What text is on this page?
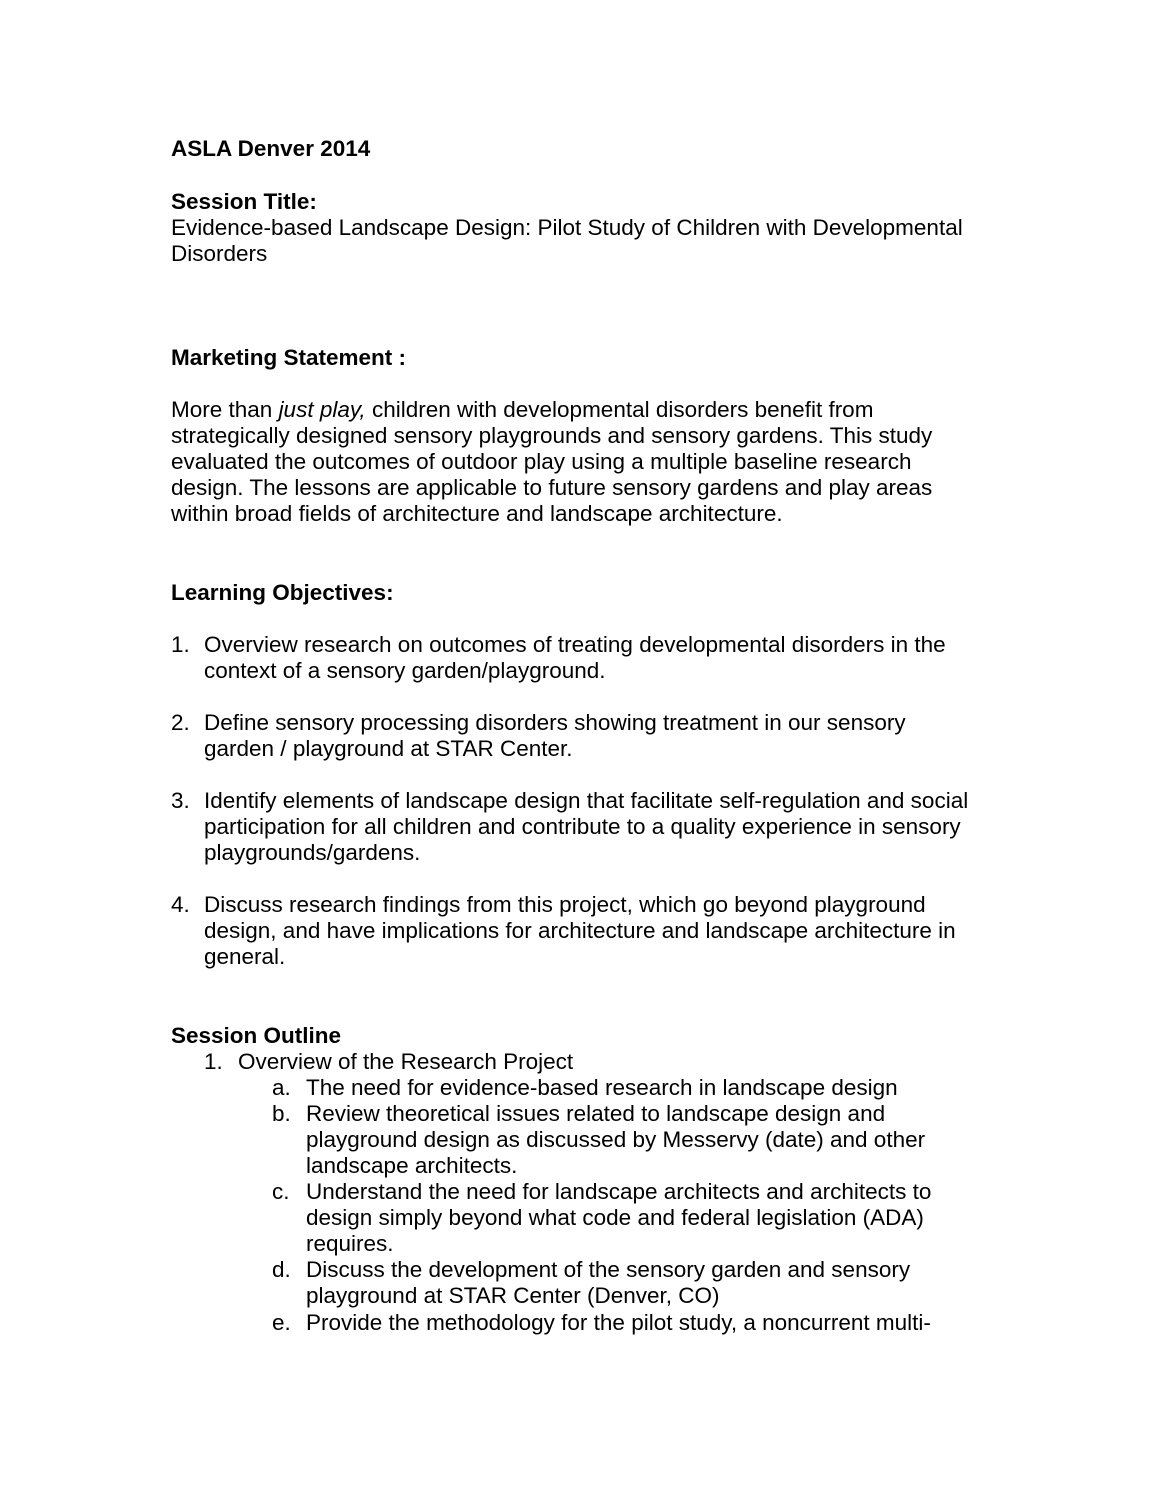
ASLA Denver 2014
Session Title:
Evidence-based Landscape Design: Pilot Study of Children with Developmental
Disorders
Marketing Statement :
More than just play, children with developmental disorders benefit from
strategically designed sensory playgrounds and sensory gardens. This study
evaluated the outcomes of outdoor play using a multiple baseline research
design. The lessons are applicable to future sensory gardens and play areas
within broad fields of architecture and landscape architecture.
Learning Objectives:
1. Overview research on outcomes of treating developmental disorders in the
context of a sensory garden/playground.
2. Define sensory processing disorders showing treatment in our sensory
garden / playground at STAR Center.
3. Identify elements of landscape design that facilitate self-regulation and social
participation for all children and contribute to a quality experience in sensory
playgrounds/gardens.
4. Discuss research findings from this project, which go beyond playground
design, and have implications for architecture and landscape architecture in
general.
Session Outline
1. Overview of the Research Project
a. The need for evidence-based research in landscape design
b. Review theoretical issues related to landscape design and
playground design as discussed by Messervy (date) and other
landscape architects.
c. Understand the need for landscape architects and architects to
design simply beyond what code and federal legislation (ADA)
requires.
d. Discuss the development of the sensory garden and sensory
playground at STAR Center (Denver, CO)
e. Provide the methodology for the pilot study, a noncurrent multi-
